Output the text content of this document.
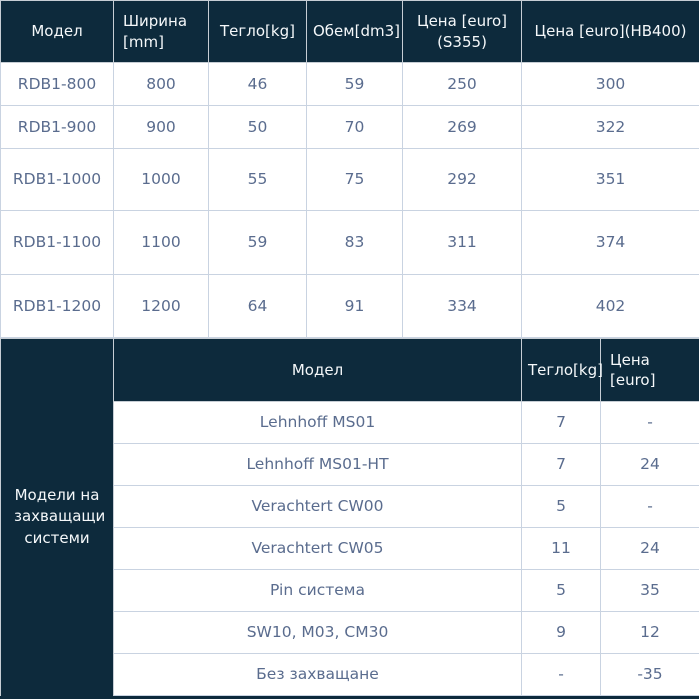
Модел	Ширина [mm]	Тегло[kg]	Обем[dm3]	Цена [euro] (S355)	Цена [euro](HB400)
RDB1-800	800	46	59	250	300
RDB1-900	900	50	70	269	322
RDB1-1000	1000	55	75	292	351
RDB1-1100	1100	59	83	311	374
RDB1-1200	1200	64	91	334	402
Модели на захващащи системи	Модел	Тегло[kg]	Цена [euro]
	Lehnhoff MS01	7	-
	Lehnhoff MS01-HT	7	24
	Verachtert CW00	5	-
	Verachtert CW05	11	24
	Pin система	5	35
	SW10, M03, CM30	9	12
	Без захващане	-	-35
